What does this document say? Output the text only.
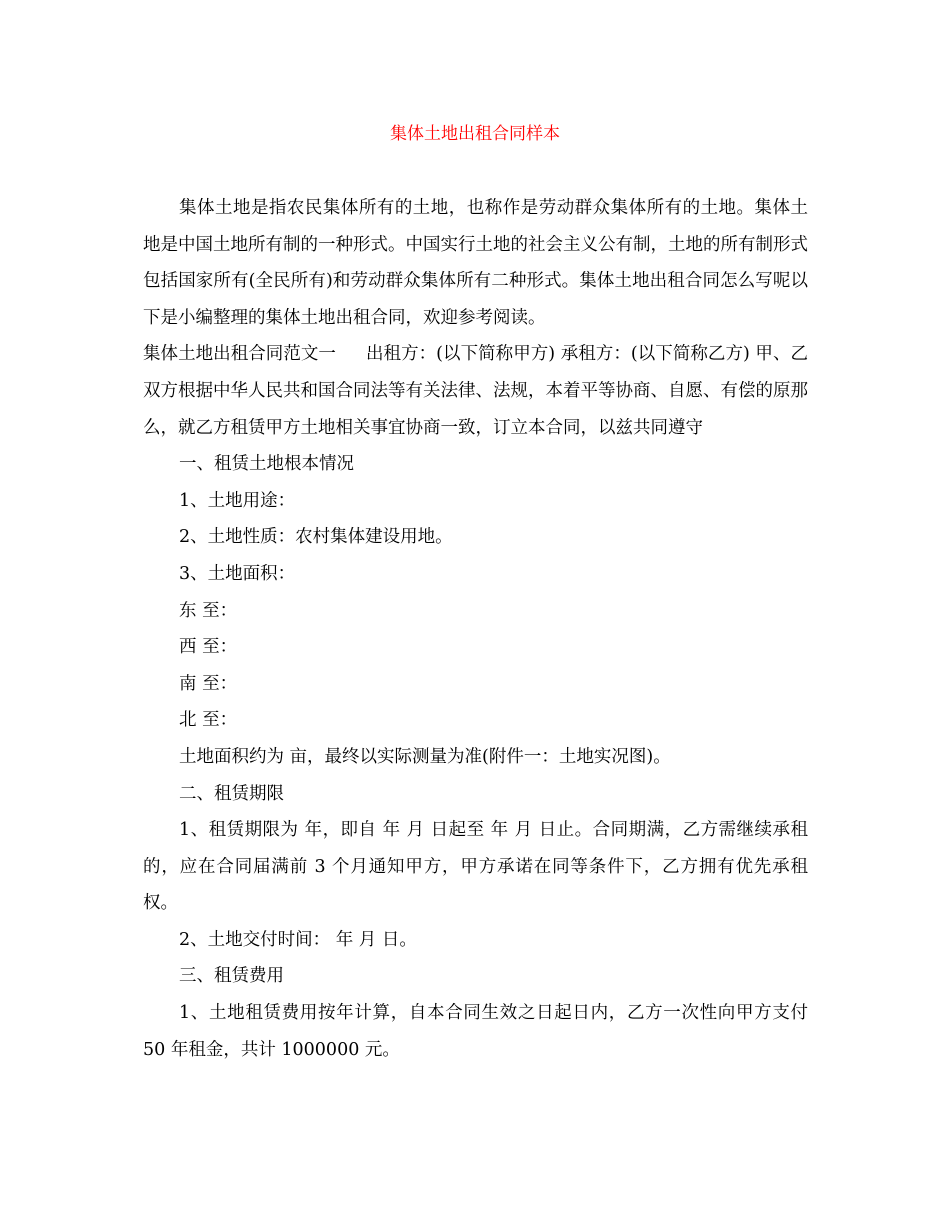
集体土地出租合同样本

集体土地是指农民集体所有的土地，也称作是劳动群众集体所有的土地。集体土地是中国土地所有制的一种形式。中国实行土地的社会主义公有制，土地的所有制形式包括国家所有(全民所有)和劳动群众集体所有二种形式。集体土地出租合同怎么写呢以下是小编整理的集体土地出租合同，欢迎参考阅读。

集体土地出租合同范文一 出租方：(以下简称甲方) 承租方：(以下简称乙方) 甲、乙双方根据中华人民共和国合同法等有关法律、法规，本着平等协商、自愿、有偿的原那么，就乙方租赁甲方土地相关事宜协商一致，订立本合同，以兹共同遵守

一、租赁土地根本情况

1、土地用途：

2、土地性质：农村集体建设用地。

3、土地面积：

东 至：

西 至：

南 至：

北 至：

土地面积约为 亩，最终以实际测量为准(附件一：土地实况图)。

二、租赁期限

1、租赁期限为 年，即自 年 月 日起至 年 月 日止。合同期满，乙方需继续承租的，应在合同届满前 3 个月通知甲方，甲方承诺在同等条件下，乙方拥有优先承租权。

2、土地交付时间： 年 月 日。

三、租赁费用

1、土地租赁费用按年计算，自本合同生效之日起日内，乙方一次性向甲方支付 50 年租金，共计 1000000 元。
